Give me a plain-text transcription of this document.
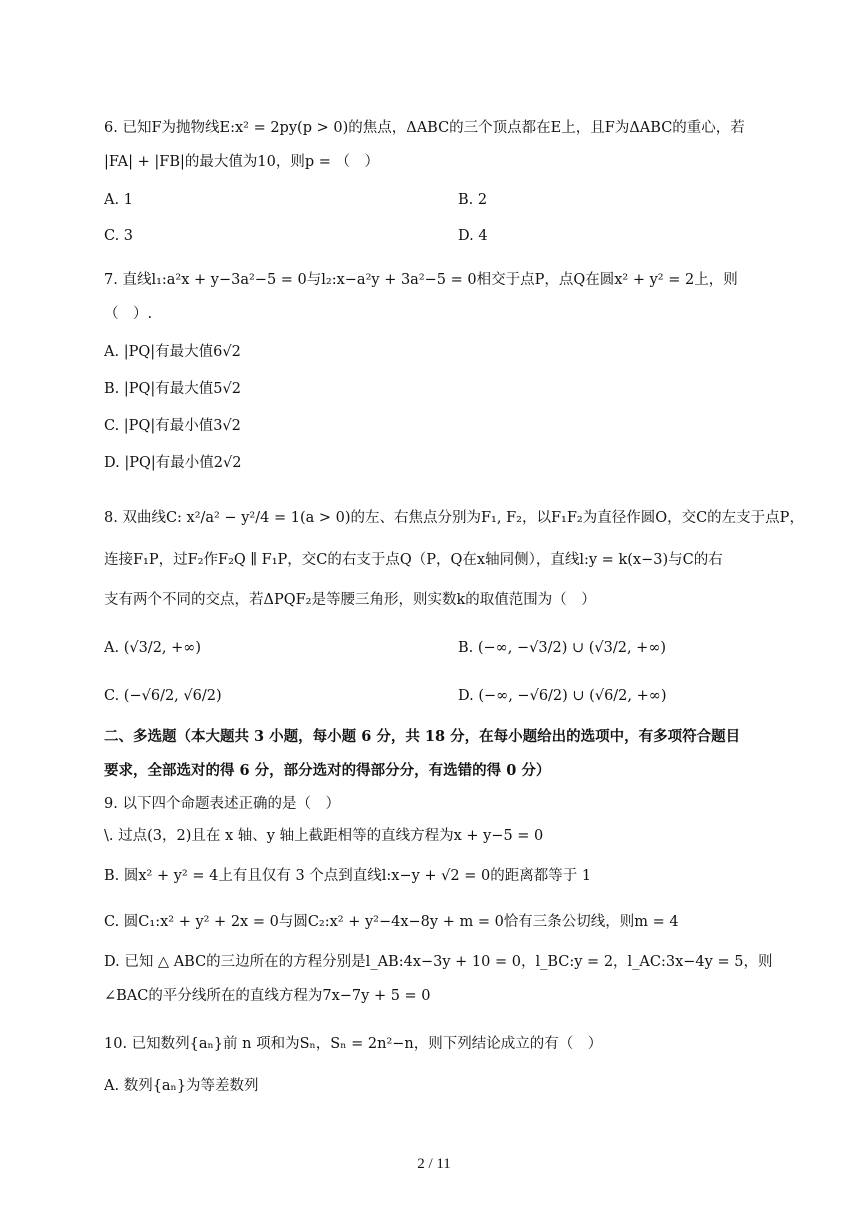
6. 已知F为抛物线E:x² = 2py(p > 0)的焦点，ΔABC的三个顶点都在E上，且F为ΔABC的重心，若
|FA| + |FB|的最大值为10，则p = （　）
A. 1	B. 2
C. 3	D. 4
7. 直线l₁:a²x + y−3a²−5 = 0与l₂:x−a²y + 3a²−5 = 0相交于点P，点Q在圆x² + y² = 2上，则
（　）.
A. |PQ|有最大值6√2
B. |PQ|有最大值5√2
C. |PQ|有最小值3√2
D. |PQ|有最小值2√2
8. 双曲线C: x²/a² − y²/4 = 1(a > 0)的左、右焦点分别为F₁, F₂，以F₁F₂为直径作圆O，交C的左支于点P，
连接F₁P，过F₂作F₂Q ∥ F₁P，交C的右支于点Q（P，Q在x轴同侧），直线l:y = k(x−3)与C的右
支有两个不同的交点，若ΔPQF₂是等腰三角形，则实数k的取值范围为（　）
A. (√3/2, +∞)	B. (−∞, −√3/2) ∪ (√3/2, +∞)
C. (−√6/2, √6/2)	D. (−∞, −√6/2) ∪ (√6/2, +∞)
二、多选题（本大题共 3 小题，每小题 6 分，共 18 分，在每小题给出的选项中，有多项符合题目
要求，全部选对的得 6 分，部分选对的得部分分，有选错的得 0 分）
9. 以下四个命题表述正确的是（　）
\. 过点(3，2)且在 x 轴、y 轴上截距相等的直线方程为x + y−5 = 0
B. 圆x² + y² = 4上有且仅有 3 个点到直线l:x−y + √2 = 0的距离都等于 1
C. 圆C₁:x² + y² + 2x = 0与圆C₂:x² + y²−4x−8y + m = 0恰有三条公切线，则m = 4
D. 已知 △ ABC的三边所在的方程分别是l_AB:4x−3y + 10 = 0，l_BC:y = 2，l_AC:3x−4y = 5，则
∠BAC的平分线所在的直线方程为7x−7y + 5 = 0
10. 已知数列{aₙ}前 n 项和为Sₙ，Sₙ = 2n²−n，则下列结论成立的有（　）
A. 数列{aₙ}为等差数列
2 / 11
